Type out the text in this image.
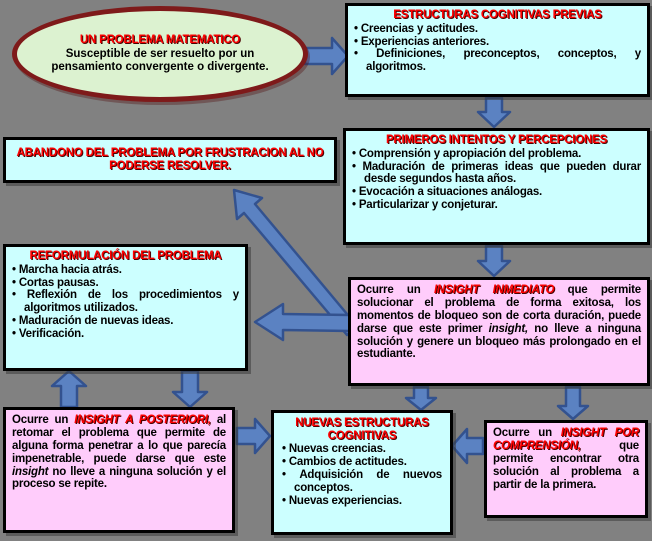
UN PROBLEMA MATEMATICO
Susceptible de ser resuelto por un pensamiento convergente o divergente.
ESTRUCTURAS COGNITIVAS PREVIAS
• Creencias y actitudes.
• Experiencias anteriores.
• Definiciones, preconceptos, conceptos, y algoritmos.
ABANDONO DEL PROBLEMA POR FRUSTRACION AL NO PODERSE RESOLVER.
PRIMEROS INTENTOS Y PERCEPCIONES
• Comprensión y apropiación del problema.
• Maduración de primeras ideas que pueden durar desde segundos hasta años.
• Evocación a situaciones análogas.
• Particularizar y conjeturar.
REFORMULACIÓN DEL PROBLEMA
• Marcha hacia atrás.
• Cortas pausas.
• Reflexión de los procedimientos y algoritmos utilizados.
• Maduración de nuevas ideas.
• Verificación.
Ocurre un INSIGHT INMEDIATO que permite solucionar el problema de forma exitosa, los momentos de bloqueo son de corta duración, puede darse que este primer insight, no lleve a ninguna solución y genere un bloqueo más prolongado en el estudiante.
Ocurre un INSIGHT A POSTERIORI, al retomar el problema que permite de alguna forma penetrar a lo que parecía impenetrable, puede darse que este insight no lleve a ninguna solución y el proceso se repite.
NUEVAS ESTRUCTURAS COGNITIVAS
• Nuevas creencias.
• Cambios de actitudes.
• Adquisición de nuevos conceptos.
• Nuevas experiencias.
Ocurre un INSIGHT POR COMPRENSIÓN, que permite encontrar otra solución al problema a partir de la primera.
